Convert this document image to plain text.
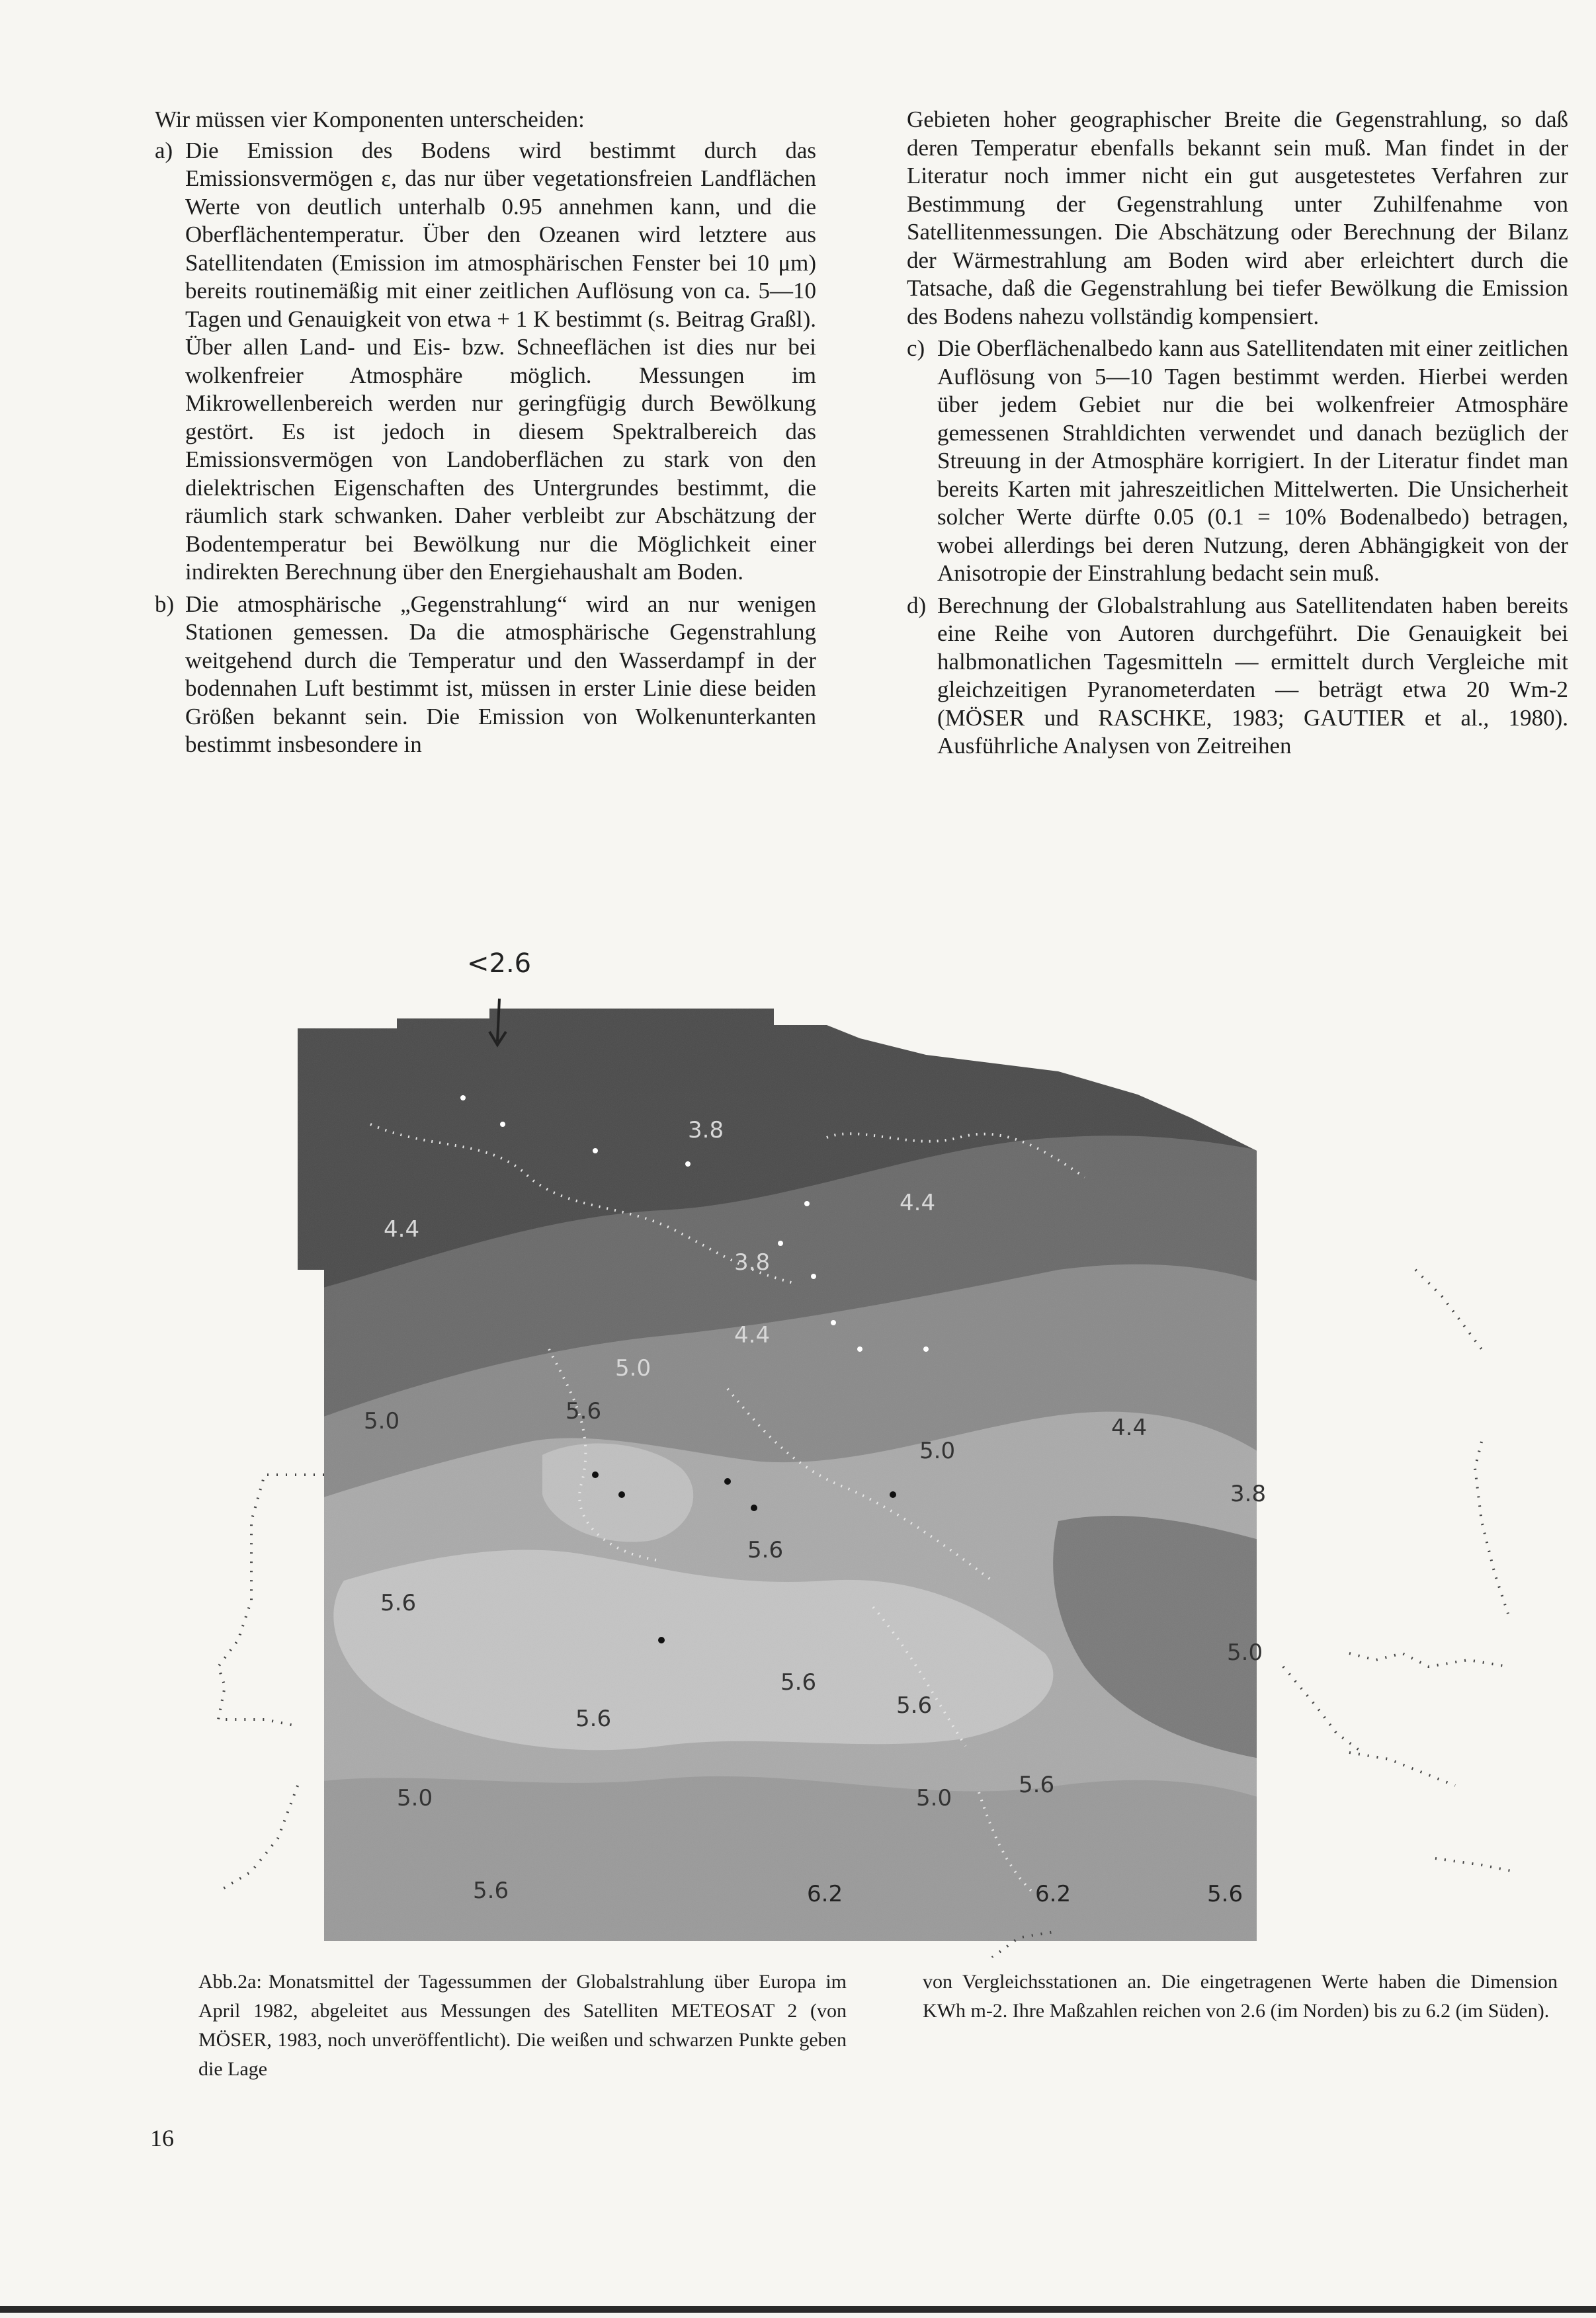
Wir müssen vier Komponenten unterscheiden:

a) Die Emission des Bodens wird bestimmt durch das Emissionsvermögen ε, das nur über vegetationsfreien Landflächen Werte von deutlich unterhalb 0.95 annehmen kann, und die Oberflächentemperatur. Über den Ozeanen wird letztere aus Satellitendaten (Emission im atmosphärischen Fenster bei 10 μm) bereits routinemäßig mit einer zeitlichen Auflösung von ca. 5—10 Tagen und Genauigkeit von etwa + 1 K bestimmt (s. Beitrag Graßl). Über allen Land- und Eis- bzw. Schneeflächen ist dies nur bei wolkenfreier Atmosphäre möglich. Messungen im Mikrowellenbereich werden nur geringfügig durch Bewölkung gestört. Es ist jedoch in diesem Spektralbereich das Emissionsvermögen von Landoberflächen zu stark von den dielektrischen Eigenschaften des Untergrundes bestimmt, die räumlich stark schwanken. Daher verbleibt zur Abschätzung der Bodentemperatur bei Bewölkung nur die Möglichkeit einer indirekten Berechnung über den Energiehaushalt am Boden.
b) Die atmosphärische „Gegenstrahlung“ wird an nur wenigen Stationen gemessen. Da die atmosphärische Gegenstrahlung weitgehend durch die Temperatur und den Wasserdampf in der bodennahen Luft bestimmt ist, müssen in erster Linie diese beiden Größen bekannt sein. Die Emission von Wolkenunterkanten bestimmt insbesondere in

Gebieten hoher geographischer Breite die Gegenstrahlung, so daß deren Temperatur ebenfalls bekannt sein muß. Man findet in der Literatur noch immer nicht ein gut ausgetestetes Verfahren zur Bestimmung der Gegenstrahlung unter Zuhilfenahme von Satellitenmessungen. Die Abschätzung oder Berechnung der Bilanz der Wärmestrahlung am Boden wird aber erleichtert durch die Tatsache, daß die Gegenstrahlung bei tiefer Bewölkung die Emission des Bodens nahezu vollständig kompensiert.

c) Die Oberflächenalbedo kann aus Satellitendaten mit einer zeitlichen Auflösung von 5—10 Tagen bestimmt werden. Hierbei werden über jedem Gebiet nur die bei wolkenfreier Atmosphäre gemessenen Strahldichten verwendet und danach bezüglich der Streuung in der Atmosphäre korrigiert. In der Literatur findet man bereits Karten mit jahreszeitlichen Mittelwerten. Die Unsicherheit solcher Werte dürfte 0.05 (0.1 = 10% Bodenalbedo) betragen, wobei allerdings bei deren Nutzung, deren Abhängigkeit von der Anisotropie der Einstrahlung bedacht sein muß.
d) Berechnung der Globalstrahlung aus Satellitendaten haben bereits eine Reihe von Autoren durchgeführt. Die Genauigkeit bei halbmonatlichen Tagesmitteln — ermittelt durch Vergleiche mit gleichzeitigen Pyranometerdaten — beträgt etwa 20 Wm-2 (MÖSER und RASCHKE, 1983; GAUTIER et al., 1980). Ausführliche Analysen von Zeitreihen
<2.6
3.8
4.4
4.4
3.8
4.4
5.0
5.0	5.6
5.0
4.4
5.6
5.6
5.6
5.6
5.6
5.0	5.6
5.0
5.6	6.2	6.2	5.6
5.0
3.8
Abb.2a: Monatsmittel der Tagessummen der Globalstrahlung über Europa im April 1982, abgeleitet aus Messungen des Satelliten METEOSAT 2 (von MÖSER, 1983, noch unveröffentlicht). Die weißen und schwarzen Punkte geben die Lage
von Vergleichsstationen an. Die eingetragenen Werte haben die Dimension KWh m-2. Ihre Maßzahlen reichen von 2.6 (im Norden) bis zu 6.2 (im Süden).
16
